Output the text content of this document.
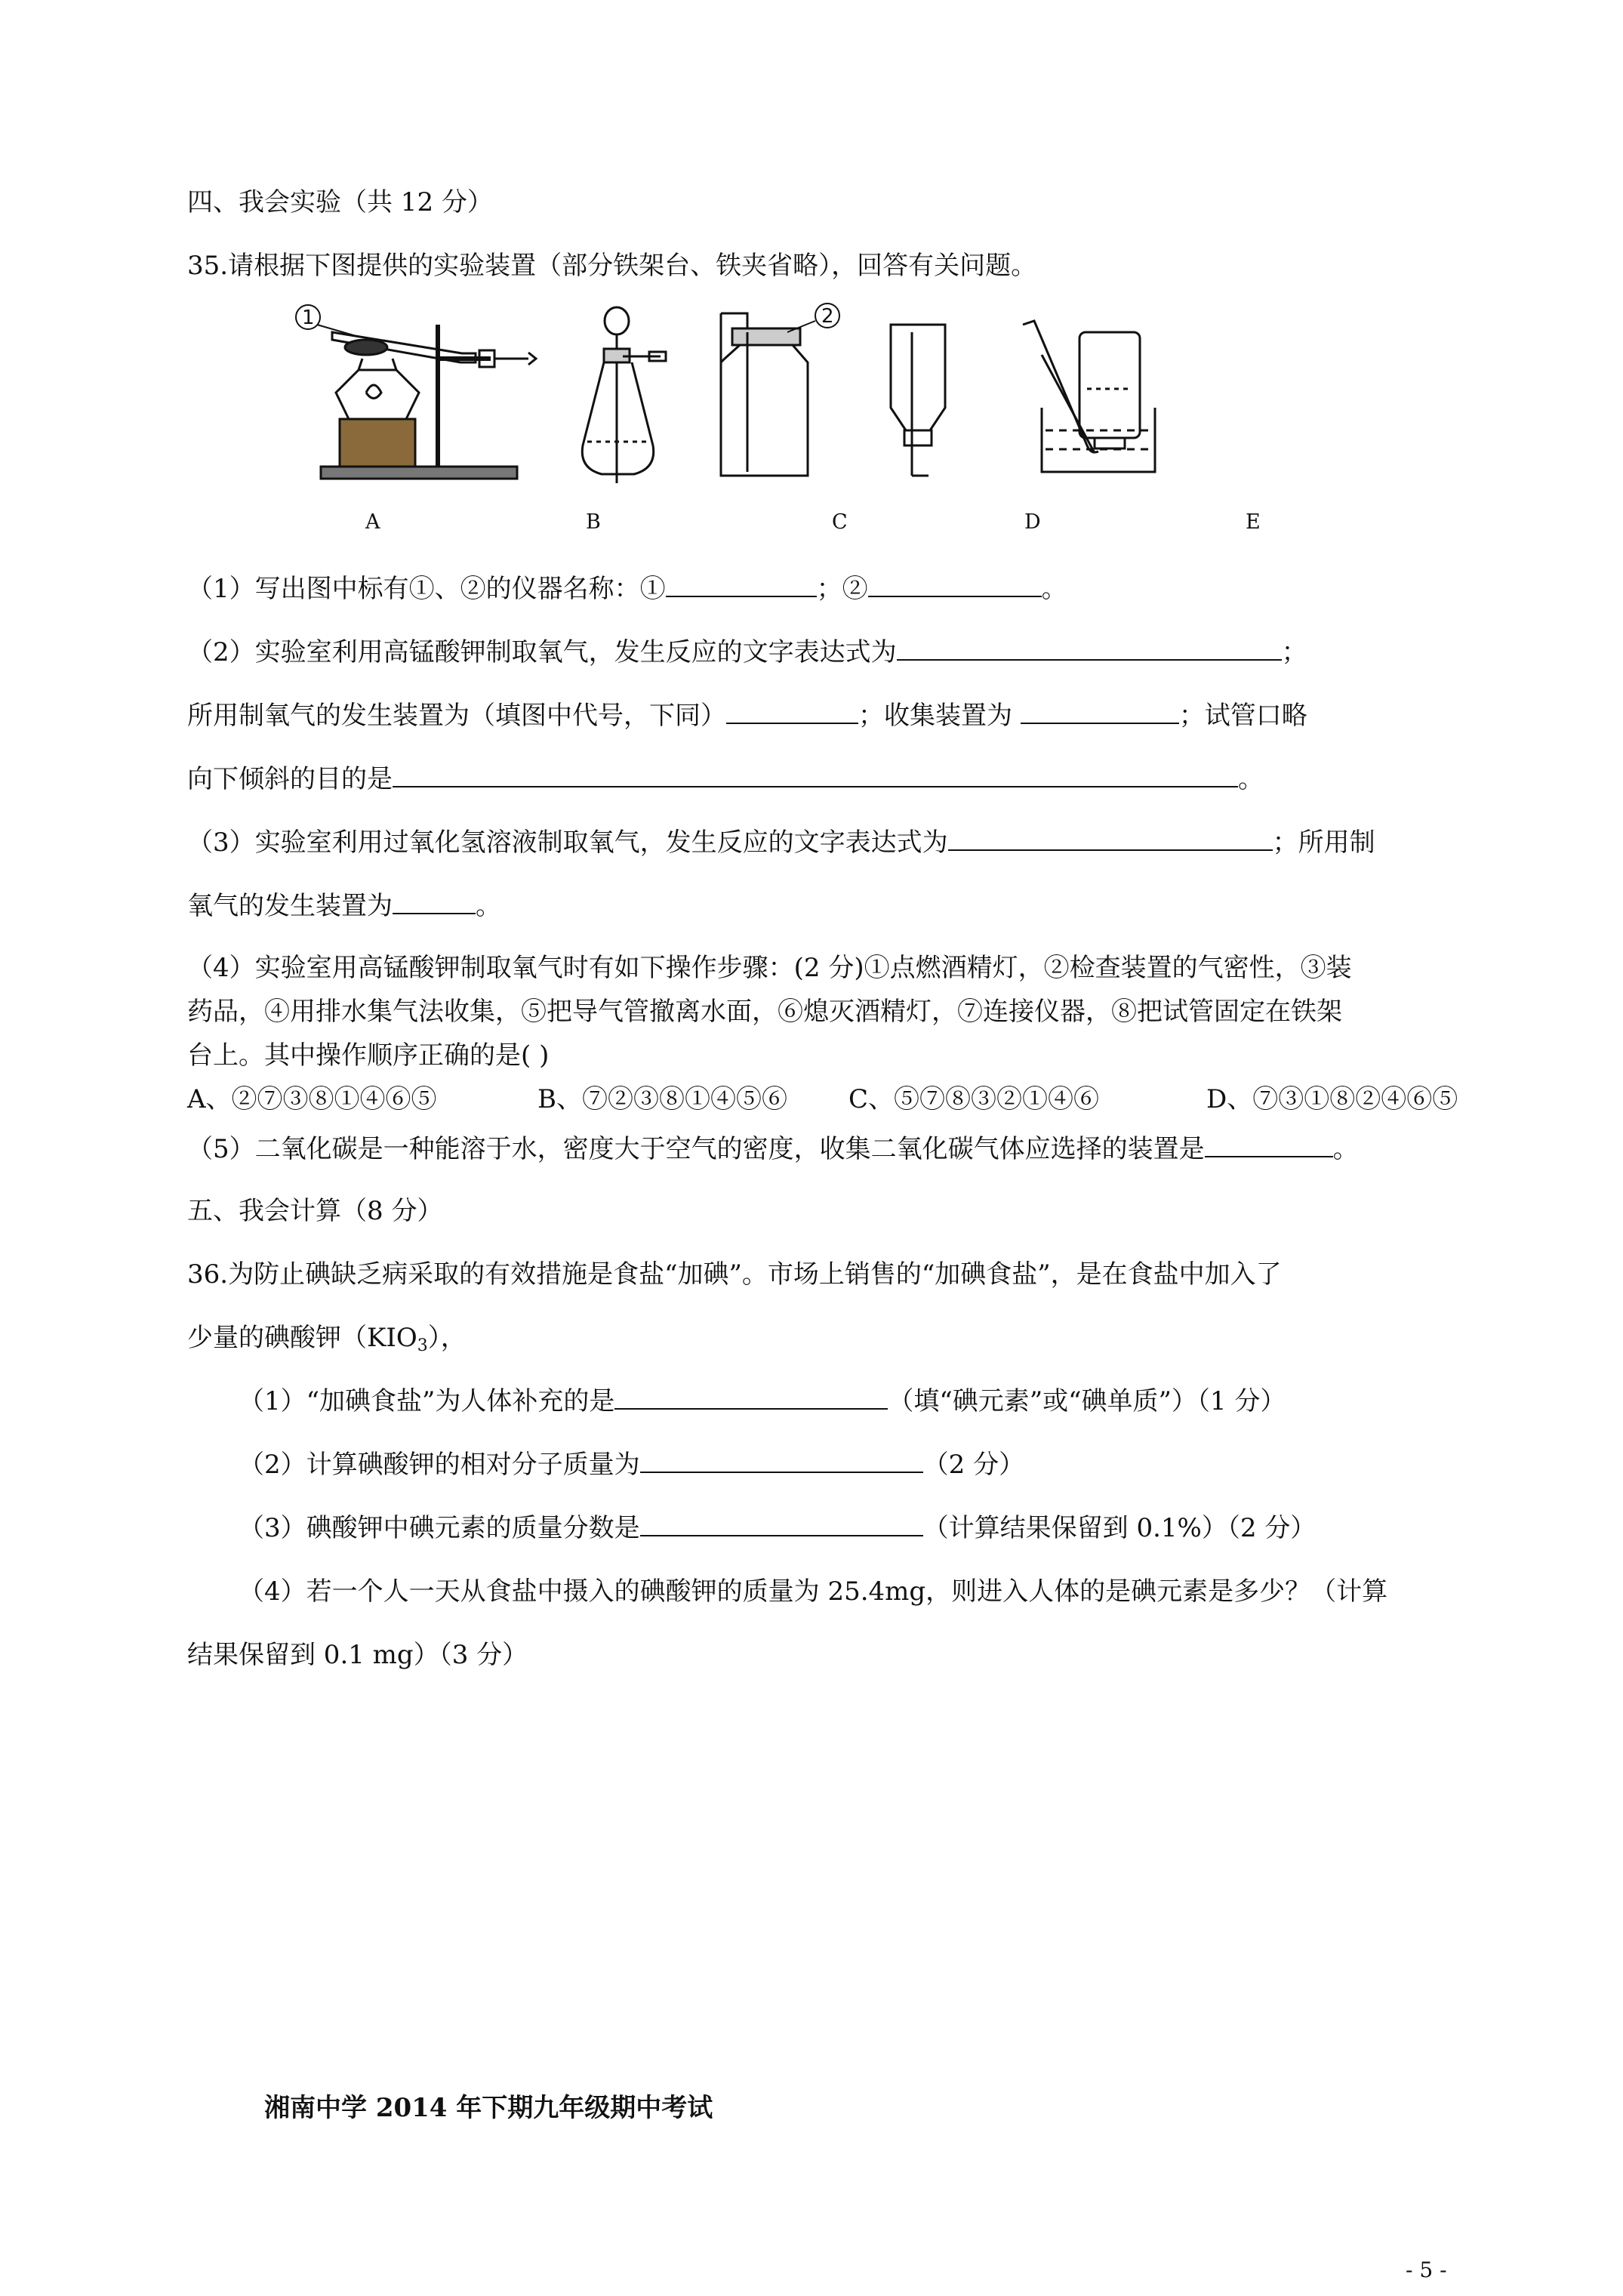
四、我会实验（共 12 分）
35.请根据下图提供的实验装置（部分铁架台、铁夹省略），回答有关问题。
1	2
A	B	C	D	E
（1）写出图中标有①、②的仪器名称：①	；②	。
（2）实验室利用高锰酸钾制取氧气，发生反应的文字表达式为	；
所用制氧气的发生装置为（填图中代号，下同）	；收集装置为	；试管口略
向下倾斜的目的是	。
（3）实验室利用过氧化氢溶液制取氧气，发生反应的文字表达式为	；所用制
氧气的发生装置为	。
（4）实验室用高锰酸钾制取氧气时有如下操作步骤：(2 分)①点燃酒精灯，②检查装置的气密性，③装
药品，④用排水集气法收集，⑤把导气管撤离水面，⑥熄灭酒精灯，⑦连接仪器，⑧把试管固定在铁架
台上。其中操作顺序正确的是( )
A、②⑦③⑧①④⑥⑤	B、⑦②③⑧①④⑤⑥ C、⑤⑦⑧③②①④⑥	D、⑦③①⑧②④⑥⑤
（5）二氧化碳是一种能溶于水，密度大于空气的密度，收集二氧化碳气体应选择的装置是	。
五、我会计算（8 分）
36.为防止碘缺乏病采取的有效措施是食盐“加碘”。市场上销售的“加碘食盐”，是在食盐中加入了
少量的碘酸钾$(KIO_3)$，
（1）“加碘食盐”为人体补充的是	（填“碘元素”或“碘单质”）（1 分）
（2）计算碘酸钾的相对分子质量为	（2 分）
（3）碘酸钾中碘元素的质量分数是	（计算结果保留到 0.1%）（2 分）
（4）若一个人一天从食盐中摄入的碘酸钾的质量为 25.4mg，则进入人体的是碘元素是多少？（计算
结果保留到 0.1 mg）（3 分）
湘南中学 2014 年下期九年级期中考试
- 5 -
